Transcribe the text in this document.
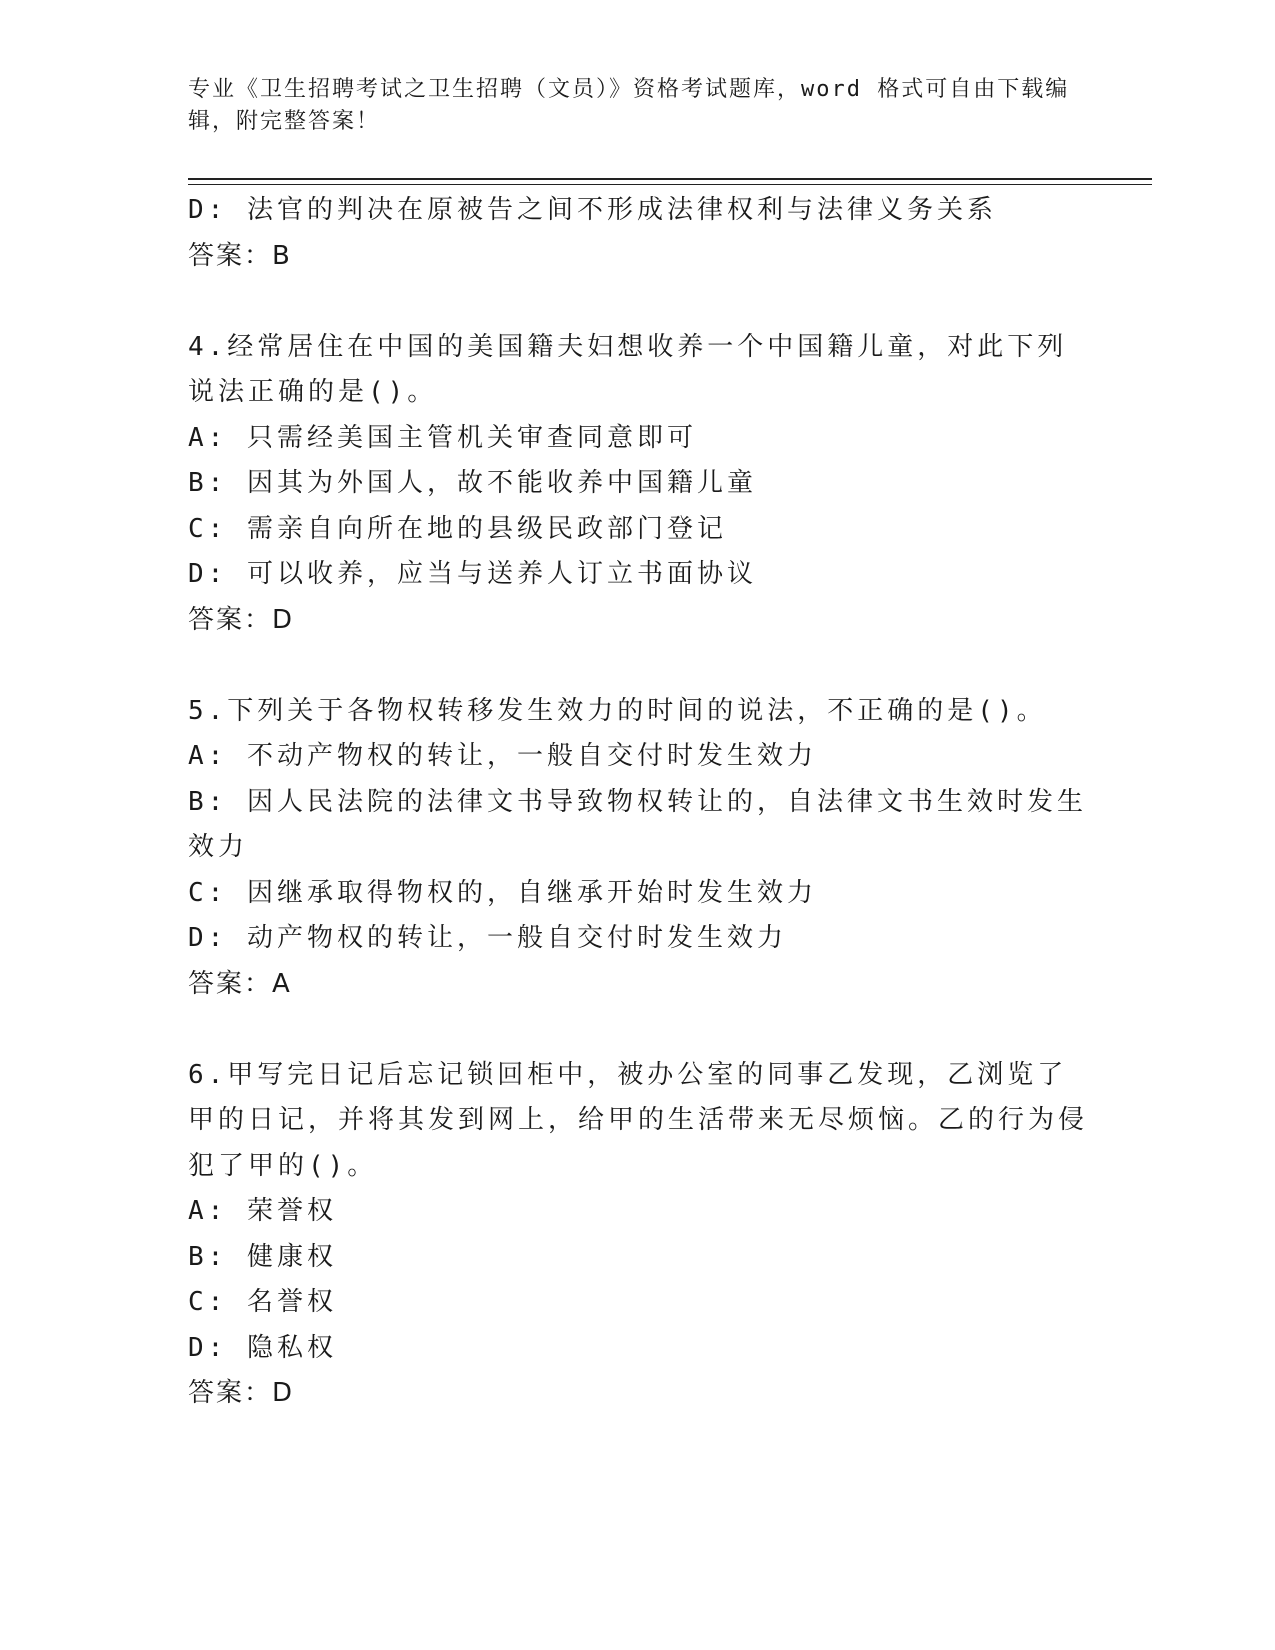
专业《卫生招聘考试之卫生招聘（文员）》资格考试题库，word 格式可自由下载编辑，附完整答案！
D: 法官的判决在原被告之间不形成法律权利与法律义务关系
答案：B
4.经常居住在中国的美国籍夫妇想收养一个中国籍儿童，对此下列说法正确的是()。
A: 只需经美国主管机关审查同意即可
B: 因其为外国人，故不能收养中国籍儿童
C: 需亲自向所在地的县级民政部门登记
D: 可以收养，应当与送养人订立书面协议
答案：D
5.下列关于各物权转移发生效力的时间的说法，不正确的是()。
A: 不动产物权的转让，一般自交付时发生效力
B: 因人民法院的法律文书导致物权转让的，自法律文书生效时发生效力
C: 因继承取得物权的，自继承开始时发生效力
D: 动产物权的转让，一般自交付时发生效力
答案：A
6.甲写完日记后忘记锁回柜中，被办公室的同事乙发现，乙浏览了甲的日记，并将其发到网上，给甲的生活带来无尽烦恼。乙的行为侵犯了甲的()。
A: 荣誉权
B: 健康权
C: 名誉权
D: 隐私权
答案：D
